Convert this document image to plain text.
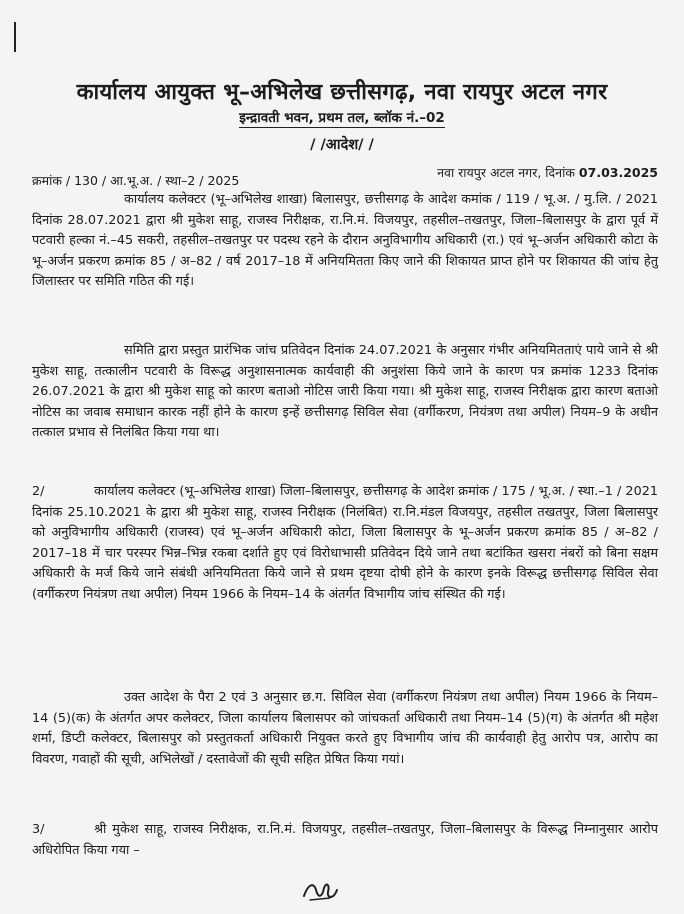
कार्यालय आयुक्त भू–अभिलेख छत्तीसगढ़, नवा रायपुर अटल नगर
इन्द्रावती भवन, प्रथम तल, ब्लॉक नं.–02
/ /आदेश/ /
क्रमांक / 130 / आ.भू.अ. / स्था–2 / 2025
नवा रायपुर अटल नगर, दिनांक 07.03.2025
कार्यालय कलेक्टर (भू–अभिलेख शाखा) बिलासपुर, छत्तीसगढ़ के आदेश कमांक / 119 / भू.अ. / मु.लि. / 2021 दिनांक 28.07.2021 द्वारा श्री मुकेश साहू, राजस्व निरीक्षक, रा.नि.मं. विजयपुर, तहसील–तखतपुर, जिला–बिलासपुर के द्वारा पूर्व में पटवारी हल्का नं.–45 सकरी, तहसील–तखतपुर पर पदस्थ रहने के दौरान अनुविभागीय अधिकारी (रा.) एवं भू–अर्जन अधिकारी कोटा के भू–अर्जन प्रकरण क्रमांक 85 / अ–82 / वर्ष 2017–18 में अनियमितता किए जाने की शिकायत प्राप्त होने पर शिकायत की जांच हेतु जिलास्तर पर समिति गठित की गई।
समिति द्वारा प्रस्तुत प्रारंभिक जांच प्रतिवेदन दिनांक 24.07.2021 के अनुसार गंभीर अनियमितताएं पाये जाने से श्री मुकेश साहू, तत्कालीन पटवारी के विरूद्ध अनुशासनात्मक कार्यवाही की अनुशंसा किये जाने के कारण पत्र क्रमांक 1233 दिनांक 26.07.2021 के द्वारा श्री मुकेश साहू को कारण बताओ नोटिस जारी किया गया। श्री मुकेश साहू, राजस्व निरीक्षक द्वारा कारण बताओ नोटिस का जवाब समाधान कारक नहीं होने के कारण इन्हें छत्तीसगढ़ सिविल सेवा (वर्गीकरण, नियंत्रण तथा अपील) नियम–9 के अधीन तत्काल प्रभाव से निलंबित किया गया था।
2/	कार्यालय कलेक्टर (भू–अभिलेख शाखा) जिला–बिलासपुर, छत्तीसगढ़ के आदेश क्रमांक / 175 / भू.अ. / स्था.–1 / 2021 दिनांक 25.10.2021 के द्वारा श्री मुकेश साहू, राजस्व निरीक्षक (निलंबित) रा.नि.मंडल विजयपुर, तहसील तखतपुर, जिला बिलासपुर को अनुविभागीय अधिकारी (राजस्व) एवं भू–अर्जन अधिकारी कोटा, जिला बिलासपुर के भू–अर्जन प्रकरण क्रमांक 85 / अ–82 / 2017–18 में चार परस्पर भिन्न–भिन्न रकबा दर्शाते हुए एवं विरोधाभासी प्रतिवेदन दिये जाने तथा बटांकित खसरा नंबरों को बिना सक्षम अधिकारी के मर्ज किये जाने संबंधी अनियमितता किये जाने से प्रथम दृष्टया दोषी होने के कारण इनके विरूद्ध छत्तीसगढ़ सिविल सेवा (वर्गीकरण नियंत्रण तथा अपील) नियम 1966 के नियम–14 के अंतर्गत विभागीय जांच संस्थित की गई।
उक्त आदेश के पैरा 2 एवं 3 अनुसार छ.ग. सिविल सेवा (वर्गीकरण नियंत्रण तथा अपील) नियम 1966 के नियम–14 (5)(क) के अंतर्गत अपर कलेक्टर, जिला कार्यालय बिलासपर को जांचकर्ता अधिकारी तथा नियम–14 (5)(ग) के अंतर्गत श्री महेश शर्मा, डिप्टी कलेक्टर, बिलासपुर को प्रस्तुतकर्ता अधिकारी नियुक्त करते हुए विभागीय जांच की कार्यवाही हेतु आरोप पत्र, आरोप का विवरण, गवाहों की सूची, अभिलेखों / दस्तावेजों की सूची सहित प्रेषित किया गयां।
3/	श्री मुकेश साहू, राजस्व निरीक्षक, रा.नि.मं. विजयपुर, तहसील–तखतपुर, जिला–बिलासपुर के विरूद्ध निम्नानुसार आरोप अधिरोपित किया गया –
